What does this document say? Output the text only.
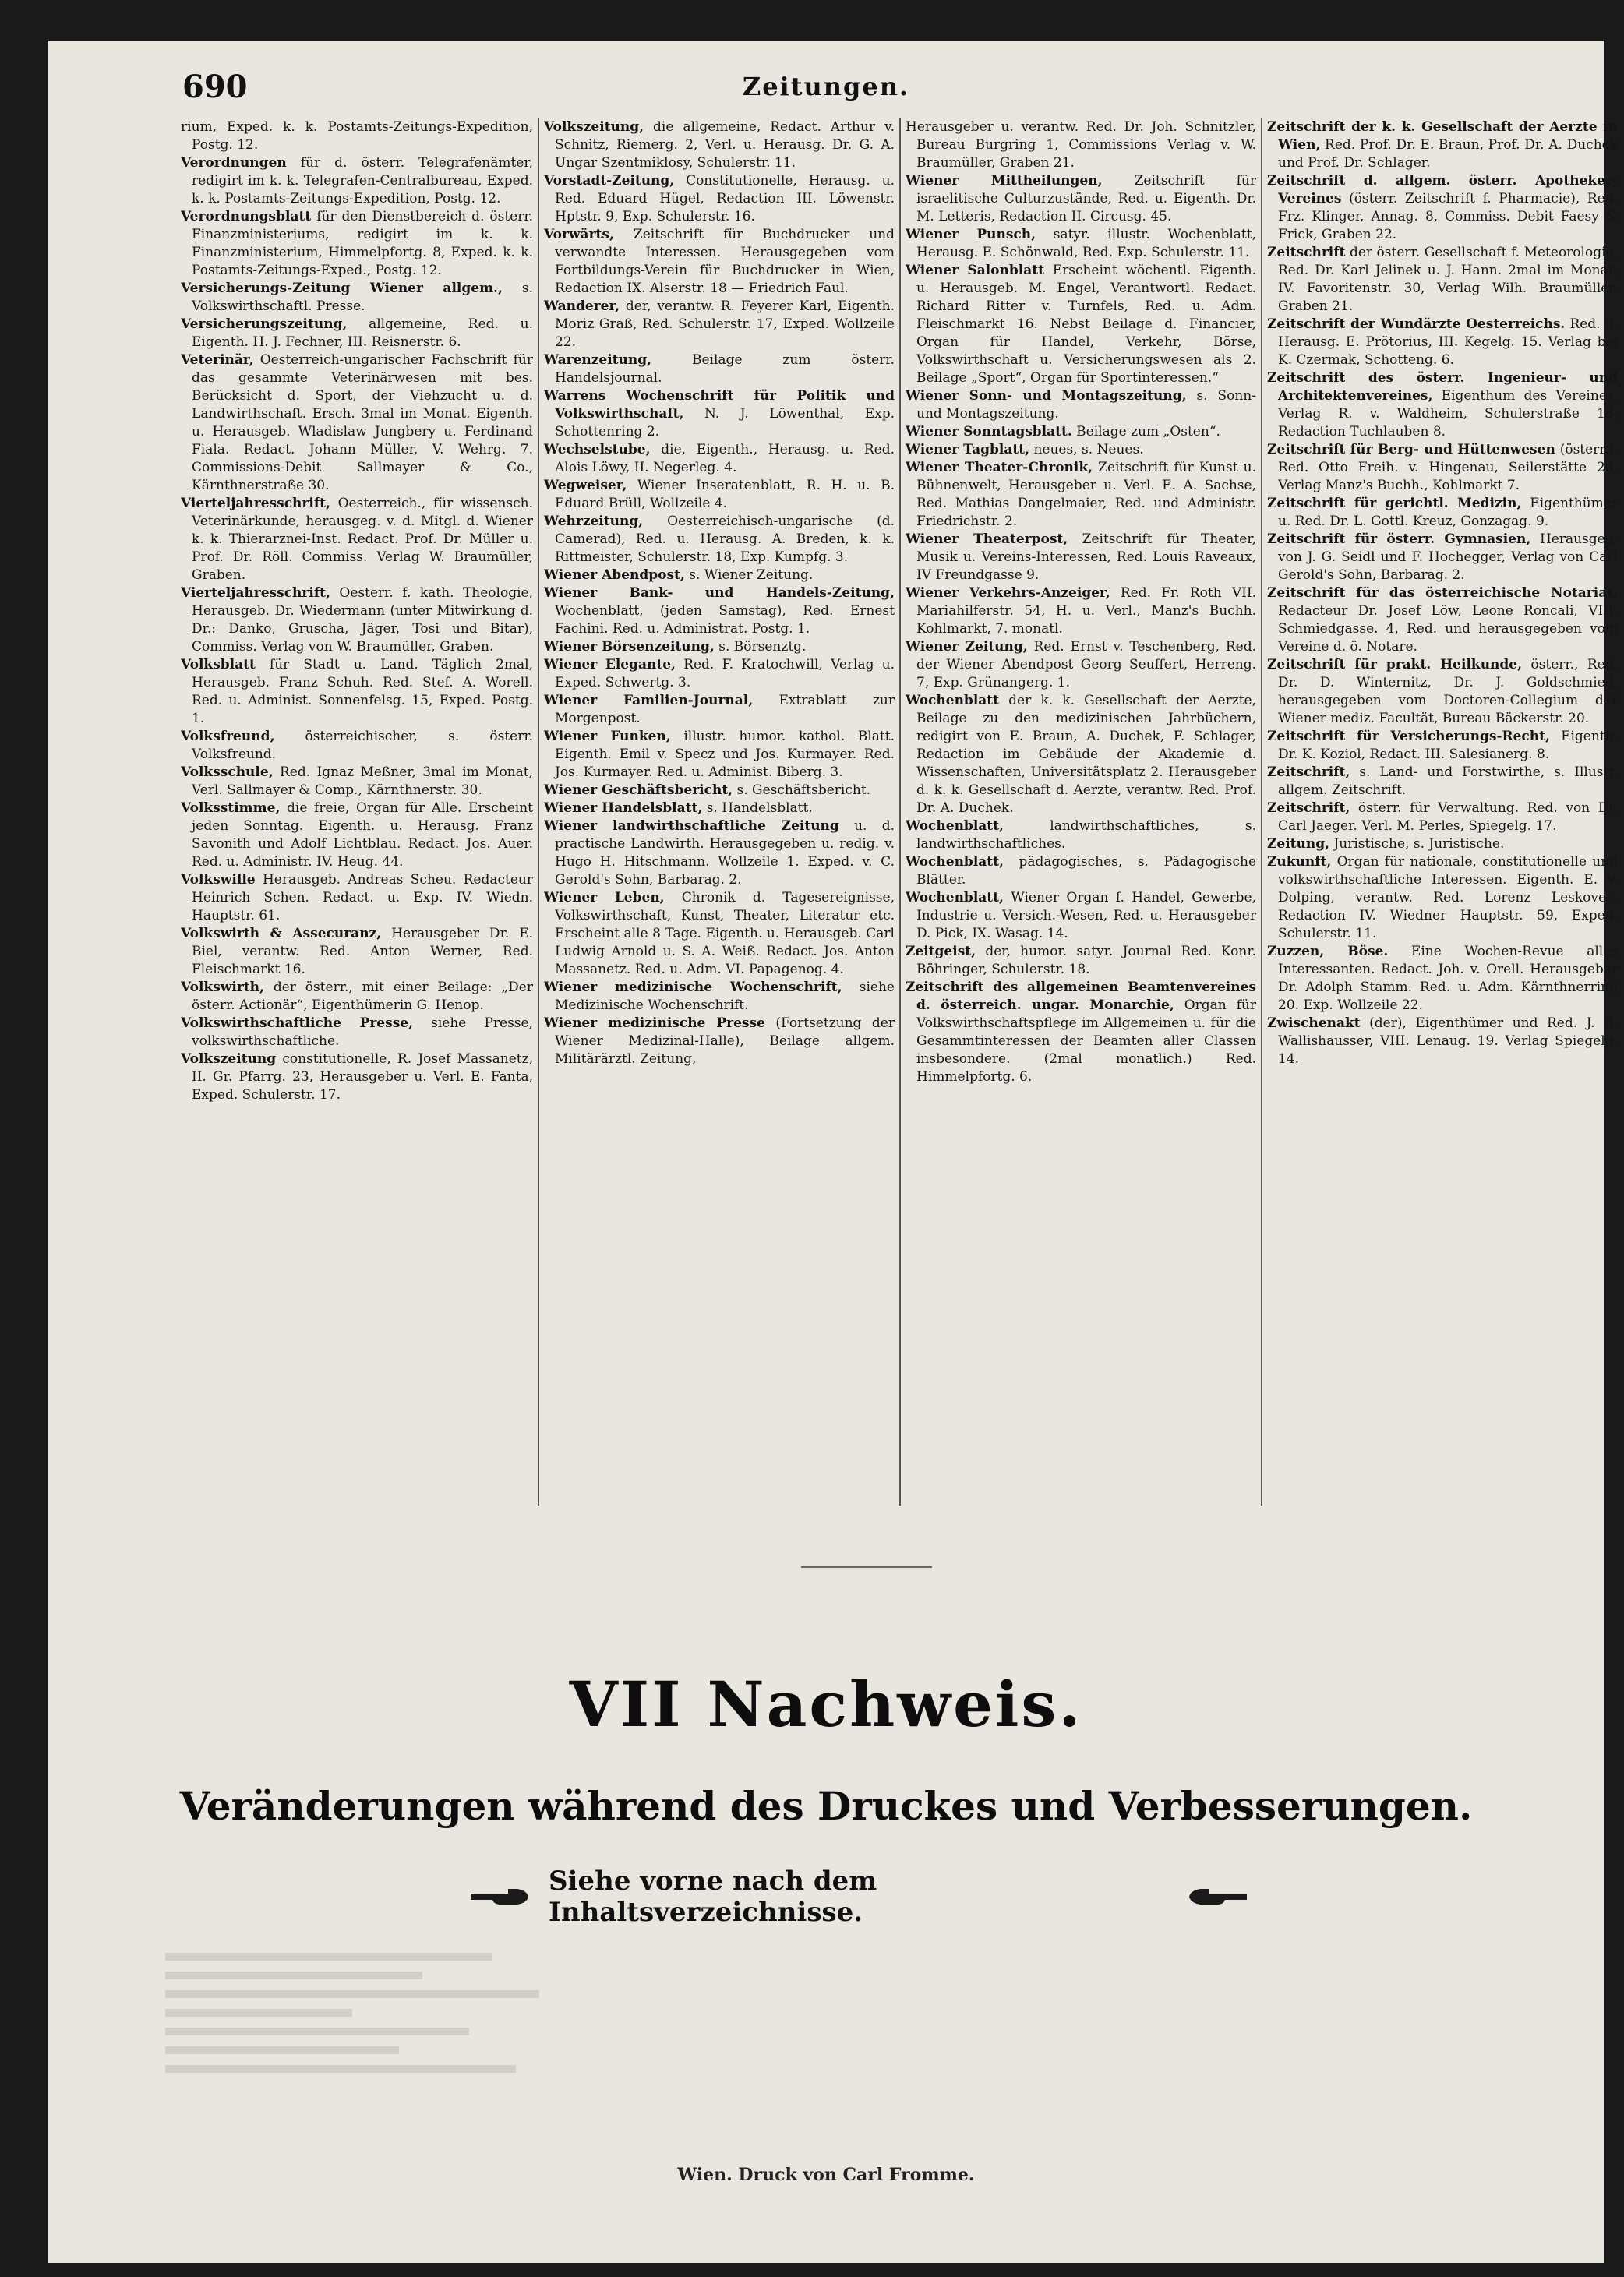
690	Zeitungen.

rium, Exped. k. k. Postamts-Zeitungs-Expedition, Postg. 12.

Verordnungen für d. österr. Telegrafenämter, redigirt im k. k. Telegrafen-Centralbureau, Exped. k. k. Postamts-Zeitungs-Expedition, Postg. 12.

Verordnungsblatt für den Dienstbereich d. österr. Finanzministeriums, redigirt im k. k. Finanzministerium, Himmelpfortg. 8, Exped. k. k. Postamts-Zeitungs-Exped., Postg. 12.

Versicherungs-Zeitung Wiener allgem., s. Volkswirthschaftl. Presse.

Versicherungszeitung, allgemeine, Red. u. Eigenth. H. J. Fechner, III. Reisnerstr. 6.

Veterinär, Oesterreich-ungarischer Fachschrift für das gesammte Veterinärwesen mit bes. Berücksicht d. Sport, der Viehzucht u. d. Landwirthschaft. Ersch. 3mal im Monat. Eigenth. u. Herausgeb. Wladislaw Jungbery u. Ferdinand Fiala. Redact. Johann Müller, V. Wehrg. 7. Commissions-Debit Sallmayer & Co., Kärnthnerstraße 30.

Vierteljahresschrift, Oesterreich., für wissensch. Veterinärkunde, herausgeg. v. d. Mitgl. d. Wiener k. k. Thierarznei-Inst. Redact. Prof. Dr. Müller u. Prof. Dr. Röll. Commiss. Verlag W. Braumüller, Graben.

Vierteljahresschrift, Oesterr. f. kath. Theologie, Herausgeb. Dr. Wiedermann (unter Mitwirkung d. Dr.: Danko, Gruscha, Jäger, Tosi und Bitar), Commiss. Verlag von W. Braumüller, Graben.

Volksblatt für Stadt u. Land. Täglich 2mal, Herausgeb. Franz Schuh. Red. Stef. A. Worell. Red. u. Administ. Sonnenfelsg. 15, Exped. Postg. 1.

Volksfreund, österreichischer, s. österr. Volksfreund.

Volksschule, Red. Ignaz Meßner, 3mal im Monat, Verl. Sallmayer & Comp., Kärnthnerstr. 30.

Volksstimme, die freie, Organ für Alle. Erscheint jeden Sonntag. Eigenth. u. Herausg. Franz Savonith und Adolf Lichtblau. Redact. Jos. Auer. Red. u. Administr. IV. Heug. 44.

Volkswille Herausgeb. Andreas Scheu. Redacteur Heinrich Schen. Redact. u. Exp. IV. Wiedn. Hauptstr. 61.

Volkswirth & Assecuranz, Herausgeber Dr. E. Biel, verantw. Red. Anton Werner, Red. Fleischmarkt 16.

Volkswirth, der österr., mit einer Beilage: „Der österr. Actionär“, Eigenthümerin G. Henop.

Volkswirthschaftliche Presse, siehe Presse, volkswirthschaftliche.

Volkszeitung constitutionelle, R. Josef Massanetz, II. Gr. Pfarrg. 23, Herausgeber u. Verl. E. Fanta, Exped. Schulerstr. 17.

Volkszeitung, die allgemeine, Redact. Arthur v. Schnitz, Riemerg. 2, Verl. u. Herausg. Dr. G. A. Ungar Szentmiklosy, Schulerstr. 11.

Vorstadt-Zeitung, Constitutionelle, Herausg. u. Red. Eduard Hügel, Redaction III. Löwenstr. Hptstr. 9, Exp. Schulerstr. 16.

Vorwärts, Zeitschrift für Buchdrucker und verwandte Interessen. Herausgegeben vom Fortbildungs-Verein für Buchdrucker in Wien, Redaction IX. Alserstr. 18 — Friedrich Faul.

Wanderer, der, verantw. R. Feyerer Karl, Eigenth. Moriz Graß, Red. Schulerstr. 17, Exped. Wollzeile 22.

Warenzeitung,	Beilage zum österr. Handelsjournal.

Warrens Wochenschrift für Politik und Volkswirthschaft, N. J. Löwenthal, Exp. Schottenring 2.

Wechselstube, die, Eigenth., Herausg. u. Red. Alois Löwy, II. Negerleg. 4.

Wegweiser, Wiener Inseratenblatt, R. H. u. B. Eduard Brüll, Wollzeile 4.

Wehrzeitung, Oesterreichisch-ungarische (d. Camerad), Red. u. Herausg. A. Breden, k. k. Rittmeister, Schulerstr. 18, Exp. Kumpfg. 3.

Wiener Abendpost, s. Wiener Zeitung.

Wiener Bank- und Handels-Zeitung, Wochenblatt, (jeden Samstag), Red. Ernest Fachini. Red. u. Administrat. Postg. 1.

Wiener Börsenzeitung, s. Börsenztg.

Wiener Elegante, Red. F. Kratochwill, Verlag u. Exped. Schwertg. 3.

Wiener Familien-Journal, Extrablatt zur Morgenpost.

Wiener Funken, illustr. humor. kathol. Blatt. Eigenth. Emil v. Specz und Jos. Kurmayer. Red. Jos. Kurmayer. Red. u. Administ. Biberg. 3.

Wiener Geschäftsbericht, s. Geschäftsbericht.

Wiener Handelsblatt, s. Handelsblatt.

Wiener landwirthschaftliche Zeitung u. d. practische Landwirth. Herausgegeben u. redig. v. Hugo H. Hitschmann. Wollzeile 1. Exped. v. C. Gerold's Sohn, Barbarag. 2.

Wiener Leben, Chronik d. Tagesereignisse, Volkswirthschaft, Kunst, Theater, Literatur etc. Erscheint alle 8 Tage. Eigenth. u. Herausgeb. Carl Ludwig Arnold u. S. A. Weiß. Redact. Jos. Anton Massanetz. Red. u. Adm. VI. Papagenog. 4.

Wiener medizinische Wochenschrift, siehe Medizinische Wochenschrift.

Wiener medizinische Presse (Fortsetzung der Wiener Medizinal-Halle), Beilage allgem. Militärärztl. Zeitung,

Herausgeber u. verantw. Red. Dr. Joh. Schnitzler, Bureau Burgring 1, Commissions Verlag v. W. Braumüller, Graben 21.

Wiener Mittheilungen, Zeitschrift für israelitische Culturzustände, Red. u. Eigenth. Dr. M. Letteris, Redaction II. Circusg. 45.

Wiener Punsch, satyr. illustr. Wochenblatt, Herausg. E. Schönwald, Red. Exp. Schulerstr. 11.

Wiener Salonblatt Erscheint wöchentl. Eigenth. u. Herausgeb. M. Engel, Verantwortl. Redact. Richard Ritter v. Turnfels, Red. u. Adm. Fleischmarkt 16. Nebst Beilage d. Financier, Organ für Handel, Verkehr, Börse, Volkswirthschaft u. Versicherungswesen als 2. Beilage „Sport“, Organ für Sportinteressen.“

Wiener Sonn- und Montagszeitung, s. Sonn- und Montagszeitung.

Wiener Sonntagsblatt. Beilage zum „Osten“.

Wiener Tagblatt, neues, s. Neues.

Wiener Theater-Chronik, Zeitschrift für Kunst u. Bühnenwelt, Herausgeber u. Verl. E. A. Sachse, Red. Mathias Dangelmaier, Red. und Administr. Friedrichstr. 2.

Wiener Theaterpost, Zeitschrift für Theater, Musik u. Vereins-Interessen, Red. Louis Raveaux, IV Freundgasse 9.

Wiener Verkehrs-Anzeiger, Red. Fr. Roth VII. Mariahilferstr. 54, H. u. Verl., Manz's Buchh. Kohlmarkt, 7. monatl.

Wiener Zeitung, Red. Ernst v. Teschenberg, Red. der Wiener Abendpost Georg Seuffert, Herreng. 7, Exp. Grünangerg. 1.

Wochenblatt der k. k. Gesellschaft der Aerzte, Beilage zu den medizinischen Jahrbüchern, redigirt von E. Braun, A. Duchek, F. Schlager, Redaction im Gebäude der Akademie d. Wissenschaften, Universitätsplatz 2. Herausgeber d. k. k. Gesellschaft d. Aerzte, verantw. Red. Prof. Dr. A. Duchek.

Wochenblatt,	landwirthschaftliches, s. landwirthschaftliches.

Wochenblatt, pädagogisches, s. Pädagogische Blätter.

Wochenblatt, Wiener Organ f. Handel, Gewerbe, Industrie u. Versich.-Wesen, Red. u. Herausgeber D. Pick, IX. Wasag. 14.

Zeitgeist, der, humor. satyr. Journal Red. Konr. Böhringer, Schulerstr. 18.

Zeitschrift des allgemeinen Beamtenvereines d. österreich. ungar. Monarchie, Organ für Volkswirthschaftspflege im Allgemeinen u. für die Gesammtinteressen der Beamten aller Classen insbesondere. (2mal monatlich.) Red. Himmelpfortg. 6.

Zeitschrift der k. k. Gesellschaft der Aerzte in Wien, Red. Prof. Dr. E. Braun, Prof. Dr. A. Duchek und Prof. Dr. Schlager.

Zeitschrift d. allgem. österr. Apotheker-Vereines (österr. Zeitschrift f. Pharmacie), Red. Frz. Klinger, Annag. 8, Commiss. Debit Faesy & Frick, Graben 22.

Zeitschrift der österr. Gesellschaft f. Meteorologie, Red. Dr. Karl Jelinek u. J. Hann. 2mal im Monat, IV. Favoritenstr. 30, Verlag Wilh. Braumüller, Graben 21.

Zeitschrift der Wundärzte Oesterreichs. Red. u. Herausg. E. Prötorius, III. Kegelg. 15. Verlag bei K. Czermak, Schotteng. 6.

Zeitschrift des österr. Ingenieur- und Architektenvereines, Eigenthum des Vereines, Verlag R. v. Waldheim, Schulerstraße 13, Redaction Tuchlauben 8.

Zeitschrift für Berg- und Hüttenwesen (österr.), Red. Otto Freih. v. Hingenau, Seilerstätte 28, Verlag Manz's Buchh., Kohlmarkt 7.

Zeitschrift für gerichtl. Medizin, Eigenthümer u. Red. Dr. L. Gottl. Kreuz, Gonzagag. 9.

Zeitschrift für österr. Gymnasien, Herausgeg. von J. G. Seidl und F. Hochegger, Verlag von Carl Gerold's Sohn, Barbarag. 2.

Zeitschrift für das österreichische Notariat, Redacteur Dr. Josef Löw, Leone Roncali, VIII. Schmiedgasse. 4, Red. und herausgegeben vom Vereine d. ö. Notare.

Zeitschrift für prakt. Heilkunde, österr., Red. Dr. D. Winternitz, Dr. J. Goldschmied, herausgegeben vom Doctoren-Collegium der Wiener mediz. Facultät, Bureau Bäckerstr. 20.

Zeitschrift für Versicherungs-Recht, Eigenth. Dr. K. Koziol, Redact. III. Salesianerg. 8.

Zeitschrift, s. Land- und Forstwirthe, s. Illustr. allgem. Zeitschrift.

Zeitschrift, österr. für Verwaltung. Red. von Dr. Carl Jaeger. Verl. M. Perles, Spiegelg. 17.

Zeitung, Juristische, s. Juristische.

Zukunft, Organ für nationale, constitutionelle und volkswirthschaftliche Interessen. Eigenth. E. v. Dolping, verantw. Red. Lorenz Leskovec, Redaction IV. Wiedner Hauptstr. 59, Exped. Schulerstr. 11.

Zuzzen, Böse. Eine Wochen-Revue alles Interessanten. Redact. Joh. v. Orell. Herausgeber Dr. Adolph Stamm. Red. u. Adm. Kärnthnerring 20. Exp. Wollzeile 22.

Zwischenakt (der), Eigenthümer und Red. J. B. Wallishausser, VIII. Lenaug. 19. Verlag Spiegelg. 14.

VII Nachweis.
Veränderungen während des Druckes und Verbesserungen.
Siehe vorne nach dem Inhaltsverzeichnisse.
Wien. Druck von Carl Fromme.
